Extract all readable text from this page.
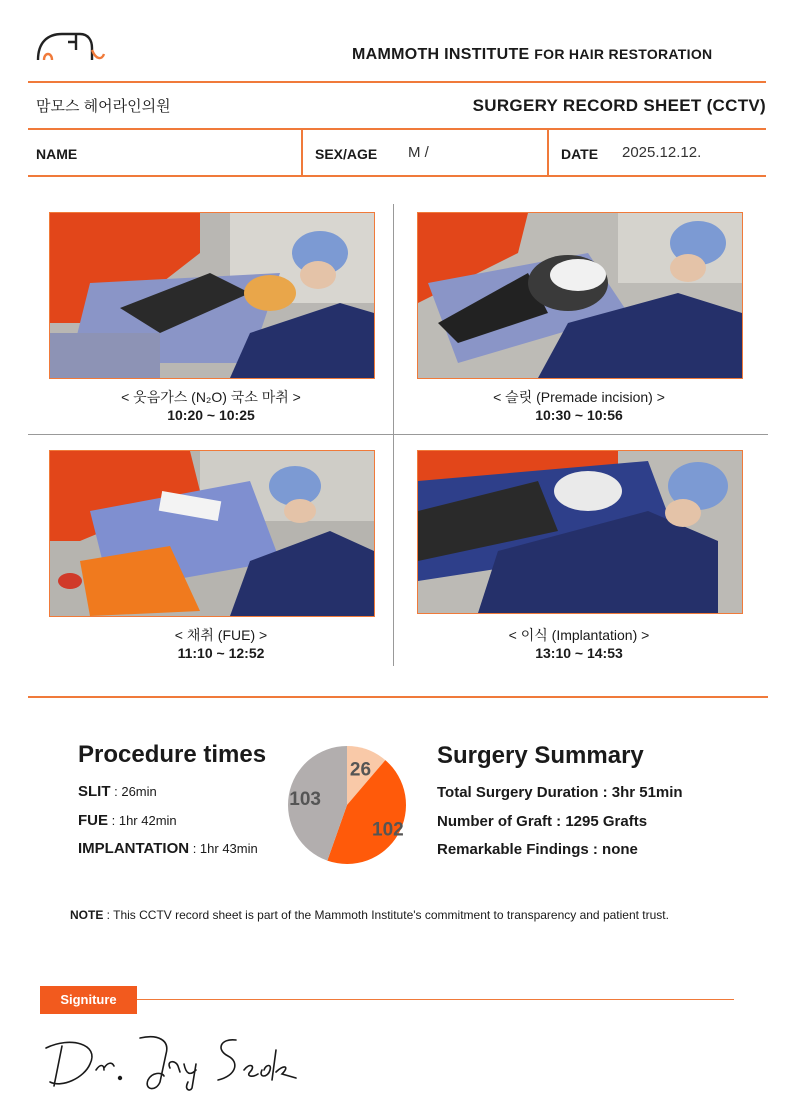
MAMMOTH INSTITUTE FOR HAIR RESTORATION
맘모스 헤어라인의원	SURGERY RECORD SHEET (CCTV)
NAME	SEX/AGE M /	DATE 2025.12.12.
< 웃음가스 (N₂O) 국소 마취 >
10:20 ~ 10:25
< 슬릿 (Premade incision) >
10:30 ~ 10:56
< 채취 (FUE) >
11:10 ~ 12:52
< 이식 (Implantation) >
13:10 ~ 14:53
Procedure times
SLIT : 26min
FUE : 1hr 42min
IMPLANTATION : 1hr 43min
26
102
103
Surgery Summary
Total Surgery Duration : 3hr 51min
Number of Graft : 1295 Grafts
Remarkable Findings : none
NOTE : This CCTV record sheet is part of the Mammoth Institute's commitment to transparency and patient trust.
Signiture
